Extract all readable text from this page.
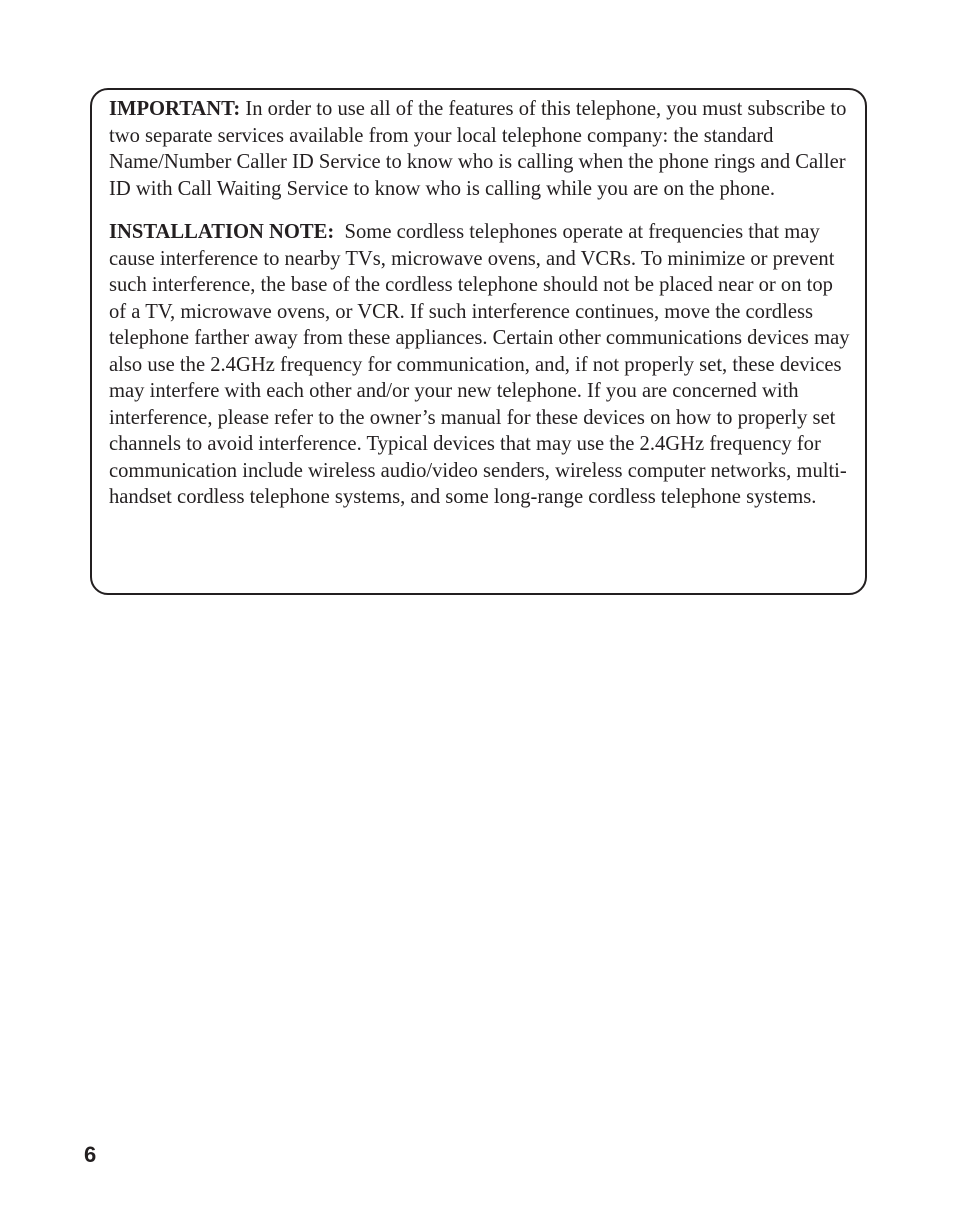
IMPORTANT: In order to use all of the features of this telephone, you must subscribe to two separate services available from your local telephone company: the standard Name/Number Caller ID Service to know who is calling when the phone rings and Caller ID with Call Waiting Service to know who is calling while you are on the phone.

INSTALLATION NOTE: Some cordless telephones operate at frequencies that may cause interference to nearby TVs, microwave ovens, and VCRs. To minimize or prevent such interference, the base of the cordless telephone should not be placed near or on top of a TV, microwave ovens, or VCR. If such interference continues, move the cordless telephone farther away from these appliances. Certain other communications devices may also use the 2.4GHz frequency for communication, and, if not properly set, these devices may interfere with each other and/or your new telephone. If you are concerned with interference, please refer to the owner’s manual for these devices on how to properly set channels to avoid interference. Typical devices that may use the 2.4GHz frequency for communication include wireless audio/video senders, wireless computer networks, multi-handset cordless telephone systems, and some long-range cordless telephone systems.

6
